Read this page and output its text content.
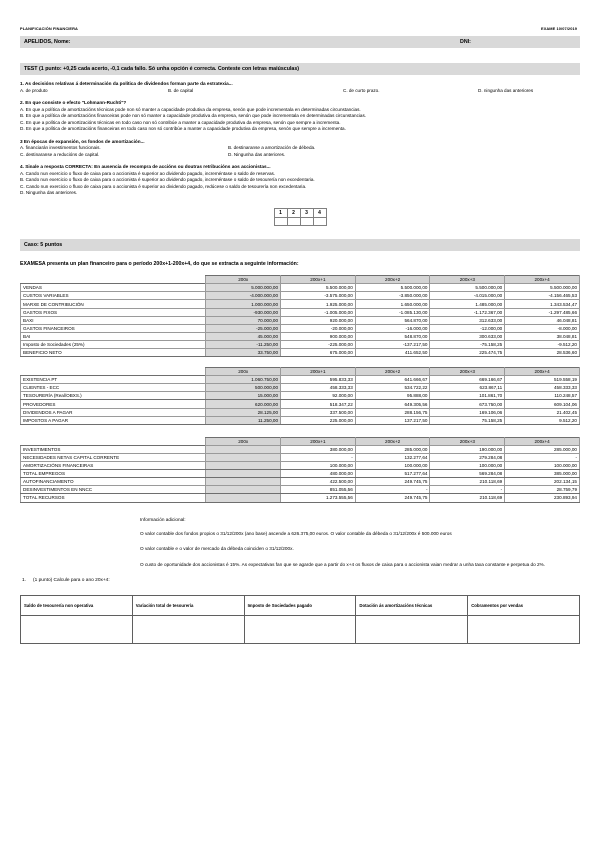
PLANIFICACIÓN FINANCIERA	EXAME 10/07/2019
APELIDOS, Nome:	DNI:
TEST (1 punto: +0,25 cada acerto, -0,1 cada fallo. Só unha opción é correcta. Conteste con letras maiúsculas)
1. As decisións relativas á determinación da política de dividendos forman parte da estratexia...
A. de produto	B. de capital	C. de curto prazo.	D. ningunha das anteriores
2. En que consiste o efecto "Lohmann-Ruchti"?
A. En que a política de amortizacións técnicas pode non só manter a capacidade produtiva da empresa, senón que pode incrementala en determinadas circunstancias.
B. En que a política de amortizacións financeiras pode non só manter a capacidade produtiva da empresa, senón que pode incrementala en determinadas circunstancias.
C. En que a política de amortizacións técnicas en todo caso non só contribúe a manter a capacidade produtiva da empresa, senón que sempre a incrementa.
D. En que a política de amortizacións financeiras en todo caso non só contribúe a manter a capacidade produtiva da empresa, senón que sempre a incrementa.
3 En épocas de expansión, os fondos de amortización...
A. financiarán investimentos funcionais.	B. destinaranse a amortización de débeda.
C. destinaranse a reducións de capital.	D. Ningunha das anteriores.
4. Sinale a resposta CORRECTA: En ausencia de recompra de accións ou doutras retribucións aos accionistas...
A. Cando nun exercicio o fluxo de caixa para o accionista é superior ao dividendo pagado, increméntase o saldo de reservas.
B. Cando nun exercicio o fluxo de caixa para o accionista é superior ao dividendo pagado, increméntase o saldo de tesourería non excedentaria.
C. Cando nun exercicio o fluxo de caixa para o accionista é superior ao dividendo pagado, redúcese o saldo de tesourería non excedentaria.
D. Ningunha das anteriores.
1	2	3	4

Caso: 5 puntos
EXAMESA presenta un plan financeiro para o período 200x+1-200x+4, do que se extracta a seguinte información:
	200x	200x+1	200x+2	200x+3	200x+4
VENDAS	5.000.000,00	5.500.000,00	5.500.000,00	5.500.000,00	5.500.000,00
CUSTOS VARIABLES	-4.000.000,00	-3.575.000,00	-3.850.000,00	-4.015.000,00	-4.156.465,53
MARXE DE CONTRIBUCIÓN	1.000.000,00	1.925.000,00	1.650.000,00	1.485.000,00	1.343.534,47
GASTOS FIXOS	-930.000,00	-1.005.000,00	-1.085.130,00	-1.172.367,00	-1.297.485,66
BAXI	70.000,00	920.000,00	564.870,00	312.633,00	46.048,81
GASTOS FINANCEIROS	-25.000,00	-20.000,00	-16.000,00	-12.000,00	-8.000,00
BAI	45.000,00	900.000,00	548.870,00	300.633,00	38.048,81
Imposto de Sociedades (25%)	-11.250,00	-225.000,00	-137.217,50	-75.158,25	-9.512,20
BENEFICIO NETO	33.750,00	675.000,00	411.652,50	225.474,75	28.536,60
	200x	200x+1	200x+2	200x+3	200x+4
EXISTENCIA PT	1.060.750,00	595.833,33	641.666,67	669.166,67	519.558,19
CLIENTES - ECC	500.000,00	458.333,33	534.722,22	623.867,11	458.333,33
TESOURERÍA (Real/OBXS.)	15.000,00	92.000,00	95.888,00	101.861,70	110.248,57
PROVEDORES	620.000,00	518.347,22	649.305,56	673.750,00	609.104,06
DIVIDENDOS A PAGAR	28.125,00	337.500,00	288.156,75	169.106,06	21.402,45
IMPOSTOS A PAGAR	11.250,00	225.000,00	137.217,50	75.158,25	9.512,20
	200x	200x+1	200x+2	200x+3	200x+4
INVESTIMENTOS		380.000,00	285.000,00	190.000,00	285.000,00
NECESIDADES NETAS CAPITAL CORRENTE		-	132.277,64	279.284,08	-
AMORTIZACIÓNS FINANCEIRAS		100.000,00	100.000,00	100.000,00	100.000,00
TOTAL EMPREGOS		480.000,00	517.277,64	569.284,08	385.000,00
AUTOFINANCIAMENTO		422.500,00	249.745,75	210.118,69	202.134,15
DESINVESTIMENTOS EN NNCC		851.055,56	-	-	28.759,79
TOTAL RECURSOS		1.273.555,56	249.745,75	210.118,69	230.893,94
Información adicional:

O valor contable dos fondos propios o 31/12/200x (ano base) ascende a 626.375,00 euros. O valor contable da débeda o 31/12/200x é 500.000 euros

O valor contable e o valor de mercado da débeda coinciden o 31/12/200x.

O custo de oportunidade dos accionistas é 15%. As expectativas fan que se agarde que a partir do x+4 os fluxos de caixa para o accionista vaian medrar a unha taxa constante e perpetua do 2%.

1. (1 punto) Calcule para o ano 20x+4:
Saldo de tesourería non operativa	Variación total de tesourería	Imposto de Sociedades pagado	Dotación ás amortizacións técnicas	Cobramentos por vendas
